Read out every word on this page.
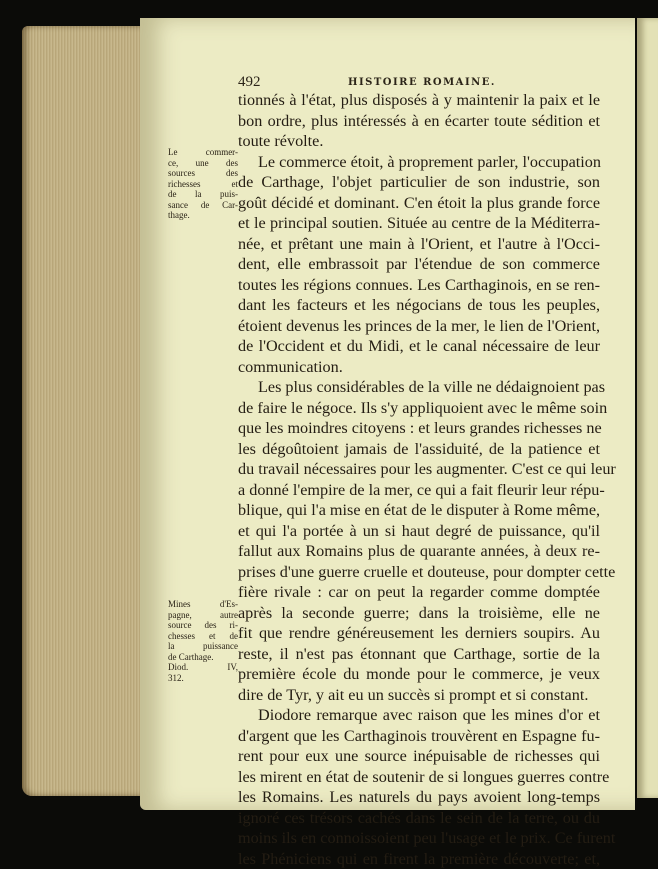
492	HISTOIRE ROMAINE.
tionnés à l'état, plus disposés à y maintenir la paix et le
bon ordre, plus intéressés à en écarter toute sédition et
toute révolte.
Le commerce étoit, à proprement parler, l'occupation
de Carthage, l'objet particulier de son industrie, son
goût décidé et dominant. C'en étoit la plus grande force
et le principal soutien. Située au centre de la Méditerra-
née, et prêtant une main à l'Orient, et l'autre à l'Occi-
dent, elle embrassoit par l'étendue de son commerce
toutes les régions connues. Les Carthaginois, en se ren-
dant les facteurs et les négocians de tous les peuples,
étoient devenus les princes de la mer, le lien de l'Orient,
de l'Occident et du Midi, et le canal nécessaire de leur
communication.
Les plus considérables de la ville ne dédaignoient pas
de faire le négoce. Ils s'y appliquoient avec le même soin
que les moindres citoyens : et leurs grandes richesses ne
les dégoûtoient jamais de l'assiduité, de la patience et
du travail nécessaires pour les augmenter. C'est ce qui leur
a donné l'empire de la mer, ce qui a fait fleurir leur répu-
blique, qui l'a mise en état de le disputer à Rome même,
et qui l'a portée à un si haut degré de puissance, qu'il
fallut aux Romains plus de quarante années, à deux re-
prises d'une guerre cruelle et douteuse, pour dompter cette
fière rivale : car on peut la regarder comme domptée
après la seconde guerre; dans la troisième, elle ne
fit que rendre généreusement les derniers soupirs. Au
reste, il n'est pas étonnant que Carthage, sortie de la
première école du monde pour le commerce, je veux
dire de Tyr, y ait eu un succès si prompt et si constant.
Diodore remarque avec raison que les mines d'or et
d'argent que les Carthaginois trouvèrent en Espagne fu-
rent pour eux une source inépuisable de richesses qui
les mirent en état de soutenir de si longues guerres contre
les Romains. Les naturels du pays avoient long-temps
ignoré ces trésors cachés dans le sein de la terre, ou du
moins ils en connoissoient peu l'usage et le prix. Ce furent
les Phéniciens qui en firent la première découverte; et,
Le commer-
ce, une des
sources des
richesses et
de la puis-
sance de Car-
thage.
Mines d'Es-
pagne, autre
source des ri-
chesses et de
la puissance
de Carthage.
Diod. IV,
312.
